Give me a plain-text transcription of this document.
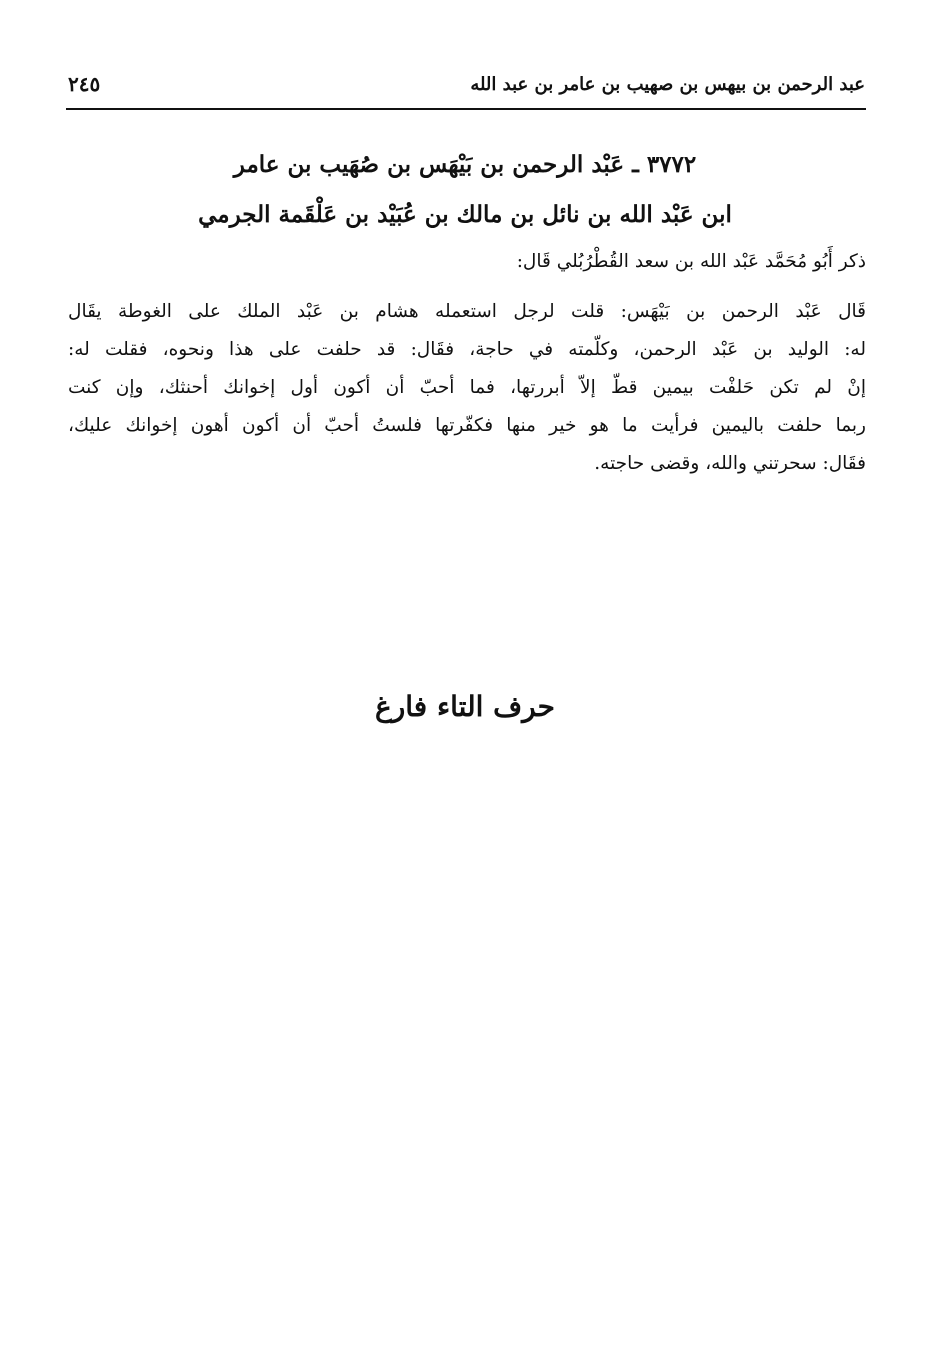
عبد الرحمن بن بيهس بن صهيب بن عامر بن عبد الله
٢٤٥
٣٧٧٢ ـ عَبْد الرحمن بن بَيْهَس بن صُهَيب بن عامر
ابن عَبْد الله بن نائل بن مالك بن عُبَيْد بن عَلْقَمة الجرمي

ذكر أَبُو مُحَمَّد عَبْد الله بن سعد القُطْرُبُلي قَال:

قَال عَبْد الرحمن بن بَيْهَس: قلت لرجل استعمله هشام بن عَبْد الملك على الغوطة يقَال
له: الوليد بن عَبْد الرحمن، وكلّمته في حاجة، فقَال: قد حلفت على هذا ونحوه، فقلت له:
إنْ لم تكن حَلفْت بيمين قطّ إلاّ أبررتها، فما أحبّ أن أكون أول إخوانك أحنثك، وإن كنت
ربما حلفت باليمين فرأيت ما هو خير منها فكفّرتها فلستُ أحبّ أن أكون أهون إخوانك عليك،
فقَال: سحرتني والله، وقضى حاجته.

حرف التاء فارغ
